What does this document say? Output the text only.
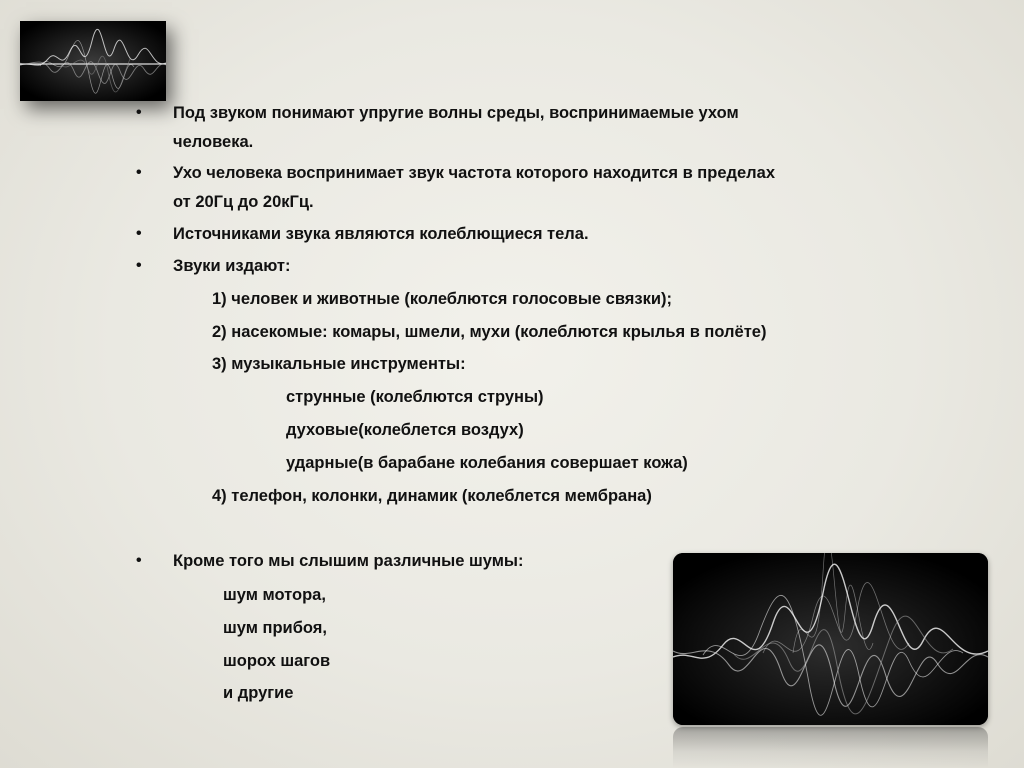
• Под звуком понимают упругие волны среды, воспринимаемые ухом
человека.
• Ухо человека воспринимает звук частота которого находится в пределах
от 20Гц до 20кГц.
• Источниками звука являются колеблющиеся тела.
• Звуки издают:
1) человек и животные (колеблются голосовые связки);
2) насекомые: комары, шмели, мухи (колеблются крылья в полёте)
3) музыкальные инструменты:
струнные (колеблются струны)
духовые(колеблется воздух)
ударные(в барабане колебания совершает кожа)
4) телефон, колонки, динамик (колеблется мембрана)
• Кроме того мы слышим различные шумы:
шум мотора,
шум прибоя,
шорох шагов
и другие
